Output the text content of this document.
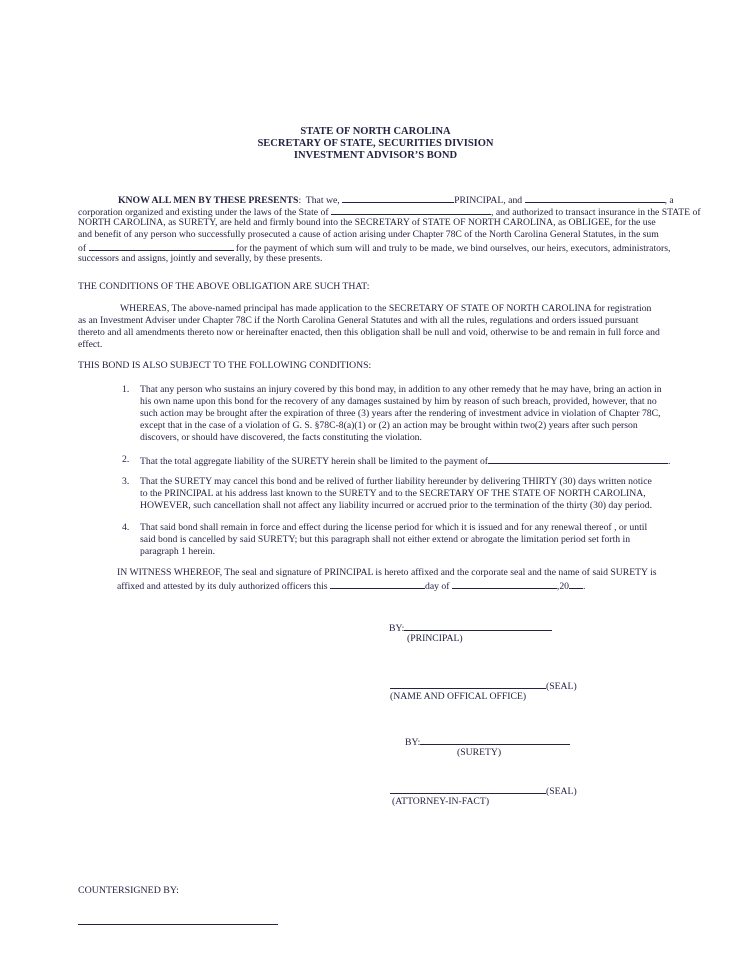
STATE OF NORTH CAROLINA
SECRETARY OF STATE, SECURITIES DIVISION
INVESTMENT ADVISOR’S BOND
KNOW ALL MEN BY THESE PRESENTS:  That we,	PRINCIPAL, and	, a
corporation organized and existing under the laws of the State of	, and authorized to transact insurance in the STATE of
NORTH CAROLINA, as SURETY, are held and firmly bound into the SECRETARY of STATE OF NORTH CAROLINA, as OBLIGEE, for the use
and benefit of any person who successfully prosecuted a cause of action arising under Chapter 78C of the North Carolina General Statutes, in the sum
of	for the payment of which sum will and truly to be made, we bind ourselves, our heirs, executors, administrators,
successors and assigns, jointly and severally, by these presents.
THE CONDITIONS OF THE ABOVE OBLIGATION ARE SUCH THAT:
WHEREAS, The above-named principal has made application to the SECRETARY OF STATE OF NORTH CAROLINA for registration
as an Investment Adviser under Chapter 78C if the North Carolina General Statutes and with all the rules, regulations and orders issued pursuant
thereto and all amendments thereto now or hereinafter enacted, then this obligation shall be null and void, otherwise to be and remain in full force and
effect.
THIS BOND IS ALSO SUBJECT TO THE FOLLOWING CONDITIONS:
1.	That any person who sustains an injury covered by this bond may, in addition to any other remedy that he may have, bring an action in
his own name upon this bond for the recovery of any damages sustained by him by reason of such breach, provided, however, that no
such action may be brought after the expiration of three (3) years after the rendering of investment advice in violation of Chapter 78C,
except that in the case of a violation of G. S. §78C-8(a)(1) or (2) an action may be brought within two(2) years after such person
discovers, or should have discovered, the facts constituting the violation.
2.	That the total aggregate liability of the SURETY herein shall be limited to the payment of	.
3.	That the SURETY may cancel this bond and be relived of further liability hereunder by delivering THIRTY (30) days written notice
to the PRINCIPAL at his address last known to the SURETY and to the SECRETARY OF THE STATE OF NORTH CAROLINA,
HOWEVER, such cancellation shall not affect any liability incurred or accrued prior to the termination of the thirty (30) day period.
4.	That said bond shall remain in force and effect during the license period for which it is issued and for any renewal thereof , or until
said bond is cancelled by said SURETY; but this paragraph shall not either extend or abrogate the limitation period set forth in
paragraph 1 herein.
IN WITNESS WHEREOF, The seal and signature of PRINCIPAL is hereto affixed and the corporate seal and the name of said SURETY is
affixed and attested by its duly authorized officers this	day of	,20 .
BY:
(PRINCIPAL)
(SEAL)
(NAME AND OFFICAL OFFICE)
BY:
(SURETY)
(SEAL)
(ATTORNEY-IN-FACT)
COUNTERSIGNED BY:
